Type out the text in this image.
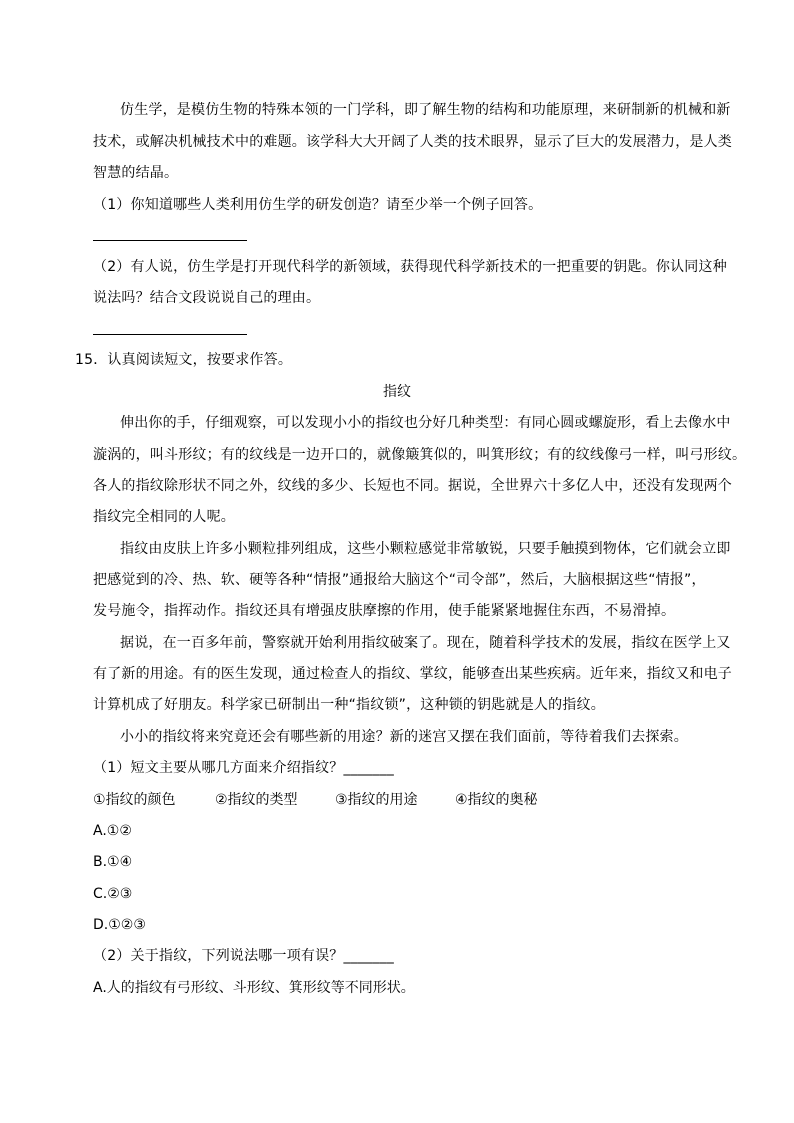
仿生学，是模仿生物的特殊本领的一门学科，即了解生物的结构和功能原理，来研制新的机械和新
技术，或解决机械技术中的难题。该学科大大开阔了人类的技术眼界，显示了巨大的发展潜力，是人类
智慧的结晶。
（1）你知道哪些人类利用仿生学的研发创造？请至少举一个例子回答。
（2）有人说，仿生学是打开现代科学的新领域，获得现代科学新技术的一把重要的钥匙。你认同这种
说法吗？结合文段说说自己的理由。
15．认真阅读短文，按要求作答。
指纹
伸出你的手，仔细观察，可以发现小小的指纹也分好几种类型：有同心圆或螺旋形，看上去像水中
漩涡的，叫斗形纹；有的纹线是一边开口的，就像簸箕似的，叫箕形纹；有的纹线像弓一样，叫弓形纹。
各人的指纹除形状不同之外，纹线的多少、长短也不同。据说，全世界六十多亿人中，还没有发现两个
指纹完全相同的人呢。
指纹由皮肤上许多小颗粒排列组成，这些小颗粒感觉非常敏锐，只要手触摸到物体，它们就会立即
把感觉到的冷、热、软、硬等各种“情报”通报给大脑这个“司令部”，然后，大脑根据这些“情报”，
发号施令，指挥动作。指纹还具有增强皮肤摩擦的作用，使手能紧紧地握住东西，不易滑掉。
据说，在一百多年前，警察就开始利用指纹破案了。现在，随着科学技术的发展，指纹在医学上又
有了新的用途。有的医生发现，通过检查人的指纹、掌纹，能够查出某些疾病。近年来，指纹又和电子
计算机成了好朋友。科学家已研制出一种“指纹锁”，这种锁的钥匙就是人的指纹。
小小的指纹将来究竟还会有哪些新的用途？新的迷宫又摆在我们面前，等待着我们去探索。
（1）短文主要从哪几方面来介绍指纹？_______
①指纹的颜色	②指纹的类型	③指纹的用途	④指纹的奥秘
A.①②
B.①④
C.②③
D.①②③
（2）关于指纹，下列说法哪一项有误？_______
A.人的指纹有弓形纹、斗形纹、箕形纹等不同形状。
